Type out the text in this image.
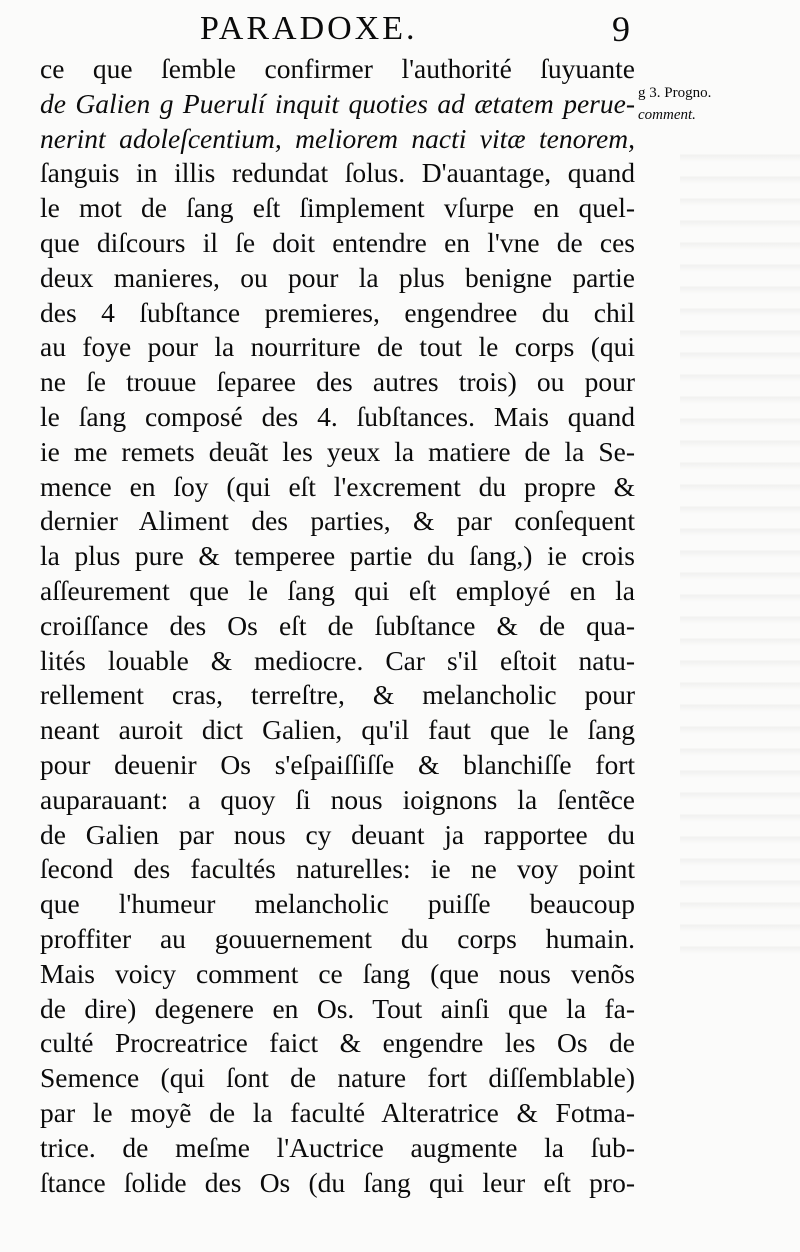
PARADOXE.	9
g 3. Progno.
comment.
ce que ſemble confirmer l'authorité ſuyuante
de Galien g Puerulí inquit quoties ad ætatem perue-
nerint adoleſcentium, meliorem nacti vitæ tenorem,
ſanguis in illis redundat ſolus. D'auantage, quand
le mot de ſang eſt ſimplement vſurpe en quel-
que diſcours il ſe doit entendre en l'vne de ces
deux manieres, ou pour la plus benigne partie
des 4 ſubſtance premieres, engendree du chil
au foye pour la nourriture de tout le corps (qui
ne ſe trouue ſeparee des autres trois) ou pour
le ſang composé des 4. ſubſtances. Mais quand
ie me remets deuãt les yeux la matiere de la Se-
mence en ſoy (qui eſt l'excrement du propre &
dernier Aliment des parties, & par conſequent
la plus pure & temperee partie du ſang,) ie crois
aſſeurement que le ſang qui eſt employé en la
croiſſance des Os eſt de ſubſtance & de qua-
lités louable & mediocre. Car s'il eſtoit natu-
rellement cras, terreſtre, & melancholic pour
neant auroit dict Galien, qu'il faut que le ſang
pour deuenir Os s'eſpaiſſiſſe & blanchiſſe fort
auparauant: a quoy ſi nous ioignons la ſentẽce
de Galien par nous cy deuant ja rapportee du
ſecond des facultés naturelles: ie ne voy point
que l'humeur melancholic puiſſe beaucoup
proffiter au gouuernement du corps humain.
Mais voicy comment ce ſang (que nous venõs
de dire) degenere en Os. Tout ainſi que la fa-
culté Procreatrice faict & engendre les Os de
Semence (qui ſont de nature fort diſſemblable)
par le moyẽ de la faculté Alteratrice & Fotma-
trice. de meſme l'Auctrice augmente la ſub-
ſtance ſolide des Os (du ſang qui leur eſt pro-
